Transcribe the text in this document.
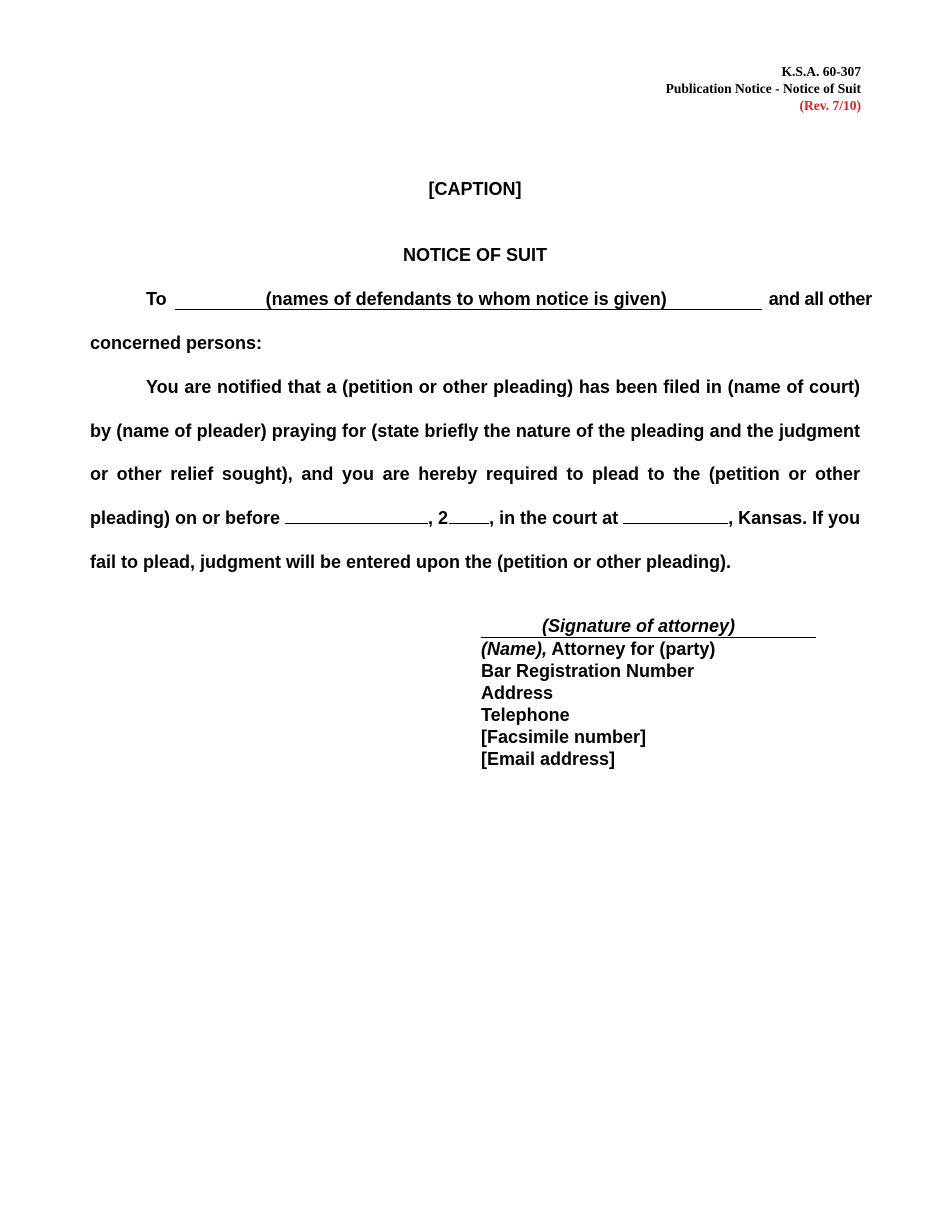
K.S.A. 60-307
Publication Notice - Notice of Suit
(Rev. 7/10)
[CAPTION]
NOTICE OF SUIT
To	(names of defendants to whom notice is given)	and all other
concerned persons:
You are notified that a (petition or other pleading) has been filed in (name of court)
by (name of pleader) praying for (state briefly the nature of the pleading and the judgment
or other relief sought), and you are hereby required to plead to the (petition or other
pleading) on or before	, 2 , in the court at	, Kansas. If you
fail to plead, judgment will be entered upon the (petition or other pleading).
(Signature of attorney)
(Name), Attorney for (party)
Bar Registration Number
Address
Telephone
[Facsimile number]
[Email address]
